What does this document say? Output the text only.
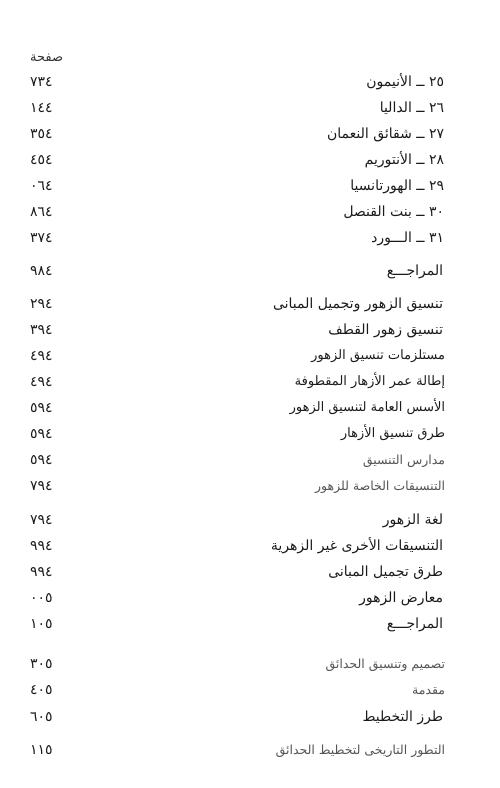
صفحة
٢٥ ــ الأنيمون
٤٣٧
٢٦ ــ الداليا
٤٤١
٢٧ ــ شقائق النعمان
٤٥٣
٢٨ ــ الأنتوريم
٤٥٤
٢٩ ــ الهورتانسيا
٤٦٠
٣٠ ــ بنت القنصل
٤٦٨
٣١ ــ الـــورد
٤٧٣
المراجـــع
٤٨٩
تنسيق الزهور وتجميل المبانى
٤٩٢
تنسيق زهور القطف
٤٩٣
مستلزمات تنسيق الزهور
٤٩٤
إطالة عمر الأزهار المقطوفة
٤٩٤
الأسس العامة لتنسيق الزهور
٤٩٥
طرق تنسيق الأزهار
٤٩٥
مدارس التنسيق
٤٩٥
التنسيقات الخاصة للزهور
٤٩٧
لغة الزهور
٤٩٧
التنسيقات الأخرى غير الزهرية
٤٩٩
طرق تجميل المبانى
٤٩٩
معارض الزهور
٥٠٠
المراجـــع
٥٠١
تصميم وتنسيق الحدائق
٥٠٣
مقدمة
٥٠٤
طرز التخطيط
٥٠٦
التطور التاريخى لتخطيط الحدائق
٥١١
